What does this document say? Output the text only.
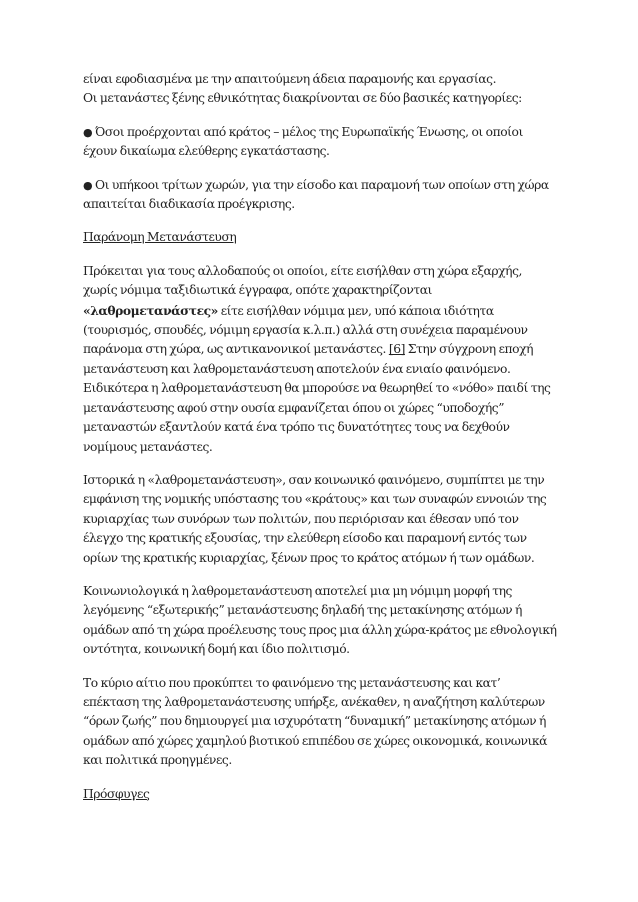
είναι εφοδιασμένα με την απαιτούμενη άδεια παραμονής και εργασίας.
Οι μετανάστες ξένης εθνικότητας διακρίνονται σε δύο βασικές κατηγορίες:

● Όσοι προέρχονται από κράτος – μέλος της Ευρωπαϊκής Ένωσης, οι οποίοι έχουν δικαίωμα ελεύθερης εγκατάστασης.

● Οι υπήκοοι τρίτων χωρών, για την είσοδο και παραμονή των οποίων στη χώρα απαιτείται διαδικασία προέγκρισης.

Παράνομη Μετανάστευση

Πρόκειται για τους αλλοδαπούς οι οποίοι, είτε εισήλθαν στη χώρα εξαρχής, χωρίς νόμιμα ταξιδιωτικά έγγραφα, οπότε χαρακτηρίζονται «λαθρομετανάστες» είτε εισήλθαν νόμιμα μεν, υπό κάποια ιδιότητα (τουρισμός, σπουδές, νόμιμη εργασία κ.λ.π.) αλλά στη συνέχεια παραμένουν παράνομα στη χώρα, ως αντικανονικοί μετανάστες. [6] Στην σύγχρονη εποχή μετανάστευση και λαθρομετανάστευση αποτελούν ένα ενιαίο φαινόμενο. Ειδικότερα η λαθρομετανάστευση θα μπορούσε να θεωρηθεί το «νόθο» παιδί της μετανάστευσης αφού στην ουσία εμφανίζεται όπου οι χώρες “υποδοχής” μεταναστών εξαντλούν κατά ένα τρόπο τις δυνατότητες τους να δεχθούν νομίμους μετανάστες.

Ιστορικά η «λαθρομετανάστευση», σαν κοινωνικό φαινόμενο, συμπίπτει με την εμφάνιση της νομικής υπόστασης του «κράτους» και των συναφών εννοιών της κυριαρχίας των συνόρων των πολιτών, που περιόρισαν και έθεσαν υπό τον έλεγχο της κρατικής εξουσίας, την ελεύθερη είσοδο και παραμονή εντός των ορίων της κρατικής κυριαρχίας, ξένων προς το κράτος ατόμων ή των ομάδων.

Κοινωνιολογικά η λαθρομετανάστευση αποτελεί μια μη νόμιμη μορφή της λεγόμενης “εξωτερικής” μετανάστευσης δηλαδή της μετακίνησης ατόμων ή ομάδων από τη χώρα προέλευσης τους προς μια άλλη χώρα-κράτος με εθνολογική οντότητα, κοινωνική δομή και ίδιο πολιτισμό.

Το κύριο αίτιο που προκύπτει το φαινόμενο της μετανάστευσης και κατ’ επέκταση της λαθρομετανάστευσης υπήρξε, ανέκαθεν, η αναζήτηση καλύτερων “όρων ζωής” που δημιουργεί μια ισχυρότατη “δυναμική” μετακίνησης ατόμων ή ομάδων από χώρες χαμηλού βιοτικού επιπέδου σε χώρες οικονομικά, κοινωνικά και πολιτικά προηγμένες.

Πρόσφυγες
